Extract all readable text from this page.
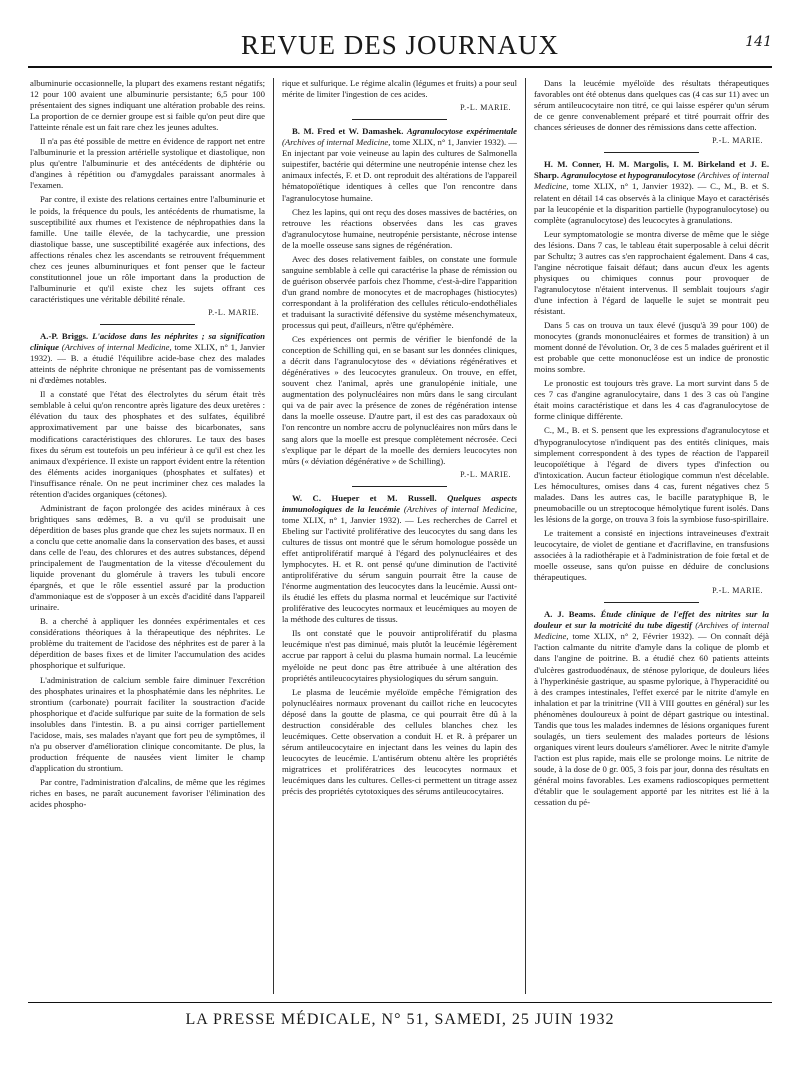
REVUE DES JOURNAUX	141

albuminurie occasionnelle, la plupart des examens restant négatifs; 12 pour 100 avaient une albuminurie persistante; 6,5 pour 100 présentaient des signes indiquant une altération probable des reins. La proportion de ce dernier groupe est si faible qu'on peut dire que l'atteinte rénale est un fait rare chez les jeunes adultes.

Il n'a pas été possible de mettre en évidence de rapport net entre l'albuminurie et la pression artérielle systolique et diastolique, non plus qu'entre l'albuminurie et des antécédents de diphtérie ou d'angines à répétition ou d'amygdales paraissant anormales à l'examen.

Par contre, il existe des relations certaines entre l'albuminurie et le poids, la fréquence du pouls, les antécédents de rhumatisme, la susceptibilité aux rhumes et l'existence de néphropathies dans la famille. Une taille élevée, de la tachycardie, une pression diastolique basse, une susceptibilité exagérée aux infections, des affections rénales chez les ascendants se retrouvent fréquemment chez ces jeunes albuminuriques et font penser que le facteur constitutionnel joue un rôle important dans la production de l'albuminurie et qu'il existe chez les sujets offrant ces caractéristiques une véritable débilité rénale.

P.-L. MARIE.

A.-P. Briggs. L'acidose dans les néphrites ; sa signification clinique (Archives of internal Medicine, tome XLIX, n° 1, Janvier 1932). — B. a étudié l'équilibre acide-base chez des malades atteints de néphrite chronique ne présentant pas de vomissements ni d'œdèmes notables.

Il a constaté que l'état des électrolytes du sérum était très semblable à celui qu'on rencontre après ligature des deux uretères : élévation du taux des phosphates et des sulfates, équilibré approximativement par une baisse des bicarbonates, sans modifications caractéristiques des chlorures. Le taux des bases fixes du sérum est toutefois un peu inférieur à ce qu'il est chez les animaux d'expérience. Il existe un rapport évident entre la rétention des éléments acides inorganiques (phosphates et sulfates) et l'insuffisance rénale. On ne peut incriminer chez ces malades la rétention d'acides organiques (cétones).

Administrant de façon prolongée des acides minéraux à ces brightiques sans œdèmes, B. a vu qu'il se produisait une déperdition de bases plus grande que chez les sujets normaux. Il en a conclu que cette anomalie dans la conservation des bases, et aussi dans celle de l'eau, des chlorures et des autres substances, dépend principalement de l'augmentation de la vitesse d'écoulement du liquide provenant du glomérule à travers les tubuli encore épargnés, et que le rôle essentiel assuré par la production d'ammoniaque est de s'opposer à un excès d'acidité dans l'appareil urinaire.

B. a cherché à appliquer les données expérimentales et ces considérations théoriques à la thérapeutique des néphrites. Le problème du traitement de l'acidose des néphrites est de parer à la déperdition de bases fixes et de limiter l'accumulation des acides phosphorique et sulfurique.

L'administration de calcium semble faire diminuer l'excrétion des phosphates urinaires et la phosphatémie dans les néphrites. Le strontium (carbonate) pourrait faciliter la soustraction d'acide phosphorique et d'acide sulfurique par suite de la formation de sels insolubles dans l'intestin. B. a pu ainsi corriger partiellement l'acidose, mais, ses malades n'ayant que fort peu de symptômes, il n'a pu observer d'amélioration clinique concomitante. De plus, la production fréquente de nausées vient limiter le champ d'application du strontium.

Par contre, l'administration d'alcalins, de même que les régimes riches en bases, ne paraît aucunement favoriser l'élimination des acides phospho-

rique et sulfurique. Le régime alcalin (légumes et fruits) a pour seul mérite de limiter l'ingestion de ces acides.

P.-L. MARIE.

B. M. Fred et W. Damashek. Agranulocytose expérimentale (Archives of internal Medicine, tome XLIX, n° 1, Janvier 1932). — En injectant par voie veineuse au lapin des cultures de Salmonella suipestifer, bactérie qui détermine une neutropénie intense chez les animaux infectés, F. et D. ont reproduit des altérations de l'appareil hématopoïétique identiques à celles que l'on rencontre dans l'agranulocytose humaine.

Chez les lapins, qui ont reçu des doses massives de bactéries, on retrouve les réactions observées dans les cas graves d'agranulocytose humaine, neutropénie persistante, nécrose intense de la moelle osseuse sans signes de régénération.

Avec des doses relativement faibles, on constate une formule sanguine semblable à celle qui caractérise la phase de rémission ou de guérison observée parfois chez l'homme, c'est-à-dire l'apparition d'un grand nombre de monocytes et de macrophages (histiocytes) correspondant à la prolifération des cellules réticulo-endothéliales et traduisant la suractivité défensive du système mésenchymateux, processus qui peut, d'ailleurs, n'être qu'éphémère.

Ces expériences ont permis de vérifier le bienfondé de la conception de Schilling qui, en se basant sur les données cliniques, a décrit dans l'agranulocytose des « déviations régénératives et dégénératives » des leucocytes granuleux. On trouve, en effet, souvent chez l'animal, après une granulopénie initiale, une augmentation des polynucléaires non mûrs dans le sang circulant qui va de pair avec la présence de zones de régénération intense dans la moelle osseuse. D'autre part, il est des cas paradoxaux où l'on rencontre un nombre accru de polynucléaires non mûrs dans le sang alors que la moelle est presque complètement nécrosée. Ceci s'explique par le départ de la moelle des derniers leucocytes non mûrs (« déviation dégénérative » de Schilling).

P.-L. MARIE.

W. C. Hueper et M. Russell. Quelques aspects immunologiques de la leucémie (Archives of internal Medicine, tome XLIX, n° 1, Janvier 1932). — Les recherches de Carrel et Ebeling sur l'activité proliférative des leucocytes du sang dans les cultures de tissus ont montré que le sérum homologue possède un effet antiprolifératif marqué à l'égard des polynucléaires et des lymphocytes. H. et R. ont pensé qu'une diminution de l'activité antiproliférative du sérum sanguin pourrait être la cause de l'énorme augmentation des leucocytes dans la leucémie. Aussi ont-ils étudié les effets du plasma normal et leucémique sur l'activité proliférative des leucocytes normaux et leucémiques au moyen de la méthode des cultures de tissus.

Ils ont constaté que le pouvoir antiprolifératif du plasma leucémique n'est pas diminué, mais plutôt la leucémie légèrement accrue par rapport à celui du plasma humain normal. La leucémie myéloïde ne peut donc pas être attribuée à une altération des propriétés antileucocytaires physiologiques du sérum sanguin.

Le plasma de leucémie myéloïde empêche l'émigration des polynucléaires normaux provenant du caillot riche en leucocytes déposé dans la goutte de plasma, ce qui pourrait être dû à la destruction considérable des cellules blanches chez les leucémiques. Cette observation a conduit H. et R. à préparer un sérum antileucocytaire en injectant dans les veines du lapin des leucocytes de leucémie. L'antisérum obtenu altère les propriétés migratrices et prolifératrices des leucocytes normaux et leucémiques dans les cultures. Celles-ci permettent un titrage assez précis des propriétés cytotoxiques des sérums antileucocytaires.

Dans la leucémie myéloïde des résultats thérapeutiques favorables ont été obtenus dans quelques cas (4 cas sur 11) avec un sérum antileucocytaire non titré, ce qui laisse espérer qu'un sérum de ce genre convenablement préparé et titré pourrait offrir des chances sérieuses de donner des rémissions dans cette affection.

P.-L. MARIE.

H. M. Conner, H. M. Margolis, I. M. Birkeland et J. E. Sharp. Agranulocytose et hypogranulocytose (Archives of internal Medicine, tome XLIX, n° 1, Janvier 1932). — C., M., B. et S. relatent en détail 14 cas observés à la clinique Mayo et caractérisés par la leucopénie et la disparition partielle (hypogranulocytose) ou complète (agranulocytose) des leucocytes à granulations.

Leur symptomatologie se montra diverse de même que le siège des lésions. Dans 7 cas, le tableau était superposable à celui décrit par Schultz; 3 autres cas s'en rapprochaient également. Dans 4 cas, l'angine nécrotique faisait défaut; dans aucun d'eux les agents physiques ou chimiques connus pour provoquer de l'agranulocytose n'étaient intervenus. Il semblait toujours s'agir d'une infection à l'égard de laquelle le sujet se montrait peu résistant.

Dans 5 cas on trouva un taux élevé (jusqu'à 39 pour 100) de monocytes (grands mononucléaires et formes de transition) à un moment donné de l'évolution. Or, 3 de ces 5 malades guérirent et il est probable que cette mononucléose est un indice de pronostic moins sombre.

Le pronostic est toujours très grave. La mort survint dans 5 de ces 7 cas d'angine agranulocytaire, dans 1 des 3 cas où l'angine était moins caractéristique et dans les 4 cas d'agranulocytose de forme clinique différente.

C., M., B. et S. pensent que les expressions d'agranulocytose et d'hypogranulocytose n'indiquent pas des entités cliniques, mais simplement correspondent à des types de réaction de l'appareil leucopoïétique à l'égard de divers types d'infection ou d'intoxication. Aucun facteur étiologique commun n'est décelable. Les hémocultures, omises dans 4 cas, furent négatives chez 5 malades. Dans les autres cas, le bacille paratyphique B, le pneumobacille ou un streptocoque hémolytique furent isolés. Dans les lésions de la gorge, on trouva 3 fois la symbiose fuso-spirillaire.

Le traitement a consisté en injections intraveineuses d'extrait leucocytaire, de violet de gentiane et d'acriflavine, en transfusions associées à la radiothérapie et à l'administration de foie fœtal et de moelle osseuse, sans qu'on puisse en déduire de conclusions thérapeutiques.

P.-L. MARIE.

A. J. Beams. Étude clinique de l'effet des nitrites sur la douleur et sur la motricité du tube digestif (Archives of internal Medicine, tome XLIX, n° 2, Février 1932). — On connaît déjà l'action calmante du nitrite d'amyle dans la colique de plomb et dans l'angine de poitrine. B. a étudié chez 60 patients atteints d'ulcères gastroduodénaux, de sténose pylorique, de douleurs liées à l'hyperkinésie gastrique, au spasme pylorique, à l'hyperacidité ou à des crampes intestinales, l'effet exercé par le nitrite d'amyle en inhalation et par la trinitrine (VII à VIII gouttes en général) sur les phénomènes douloureux à point de départ gastrique ou intestinal. Tandis que tous les malades indemnes de lésions organiques furent soulagés, un tiers seulement des malades porteurs de lésions organiques virent leurs douleurs s'améliorer. Avec le nitrite d'amyle l'action est plus rapide, mais elle se prolonge moins. Le nitrite de soude, à la dose de 0 gr. 005, 3 fois par jour, donna des résultats en général moins favorables. Les examens radioscopiques permettent d'établir que le soulagement apporté par les nitrites est lié à la cessation du pé-

LA PRESSE MÉDICALE, N° 51, SAMEDI, 25 JUIN 1932
